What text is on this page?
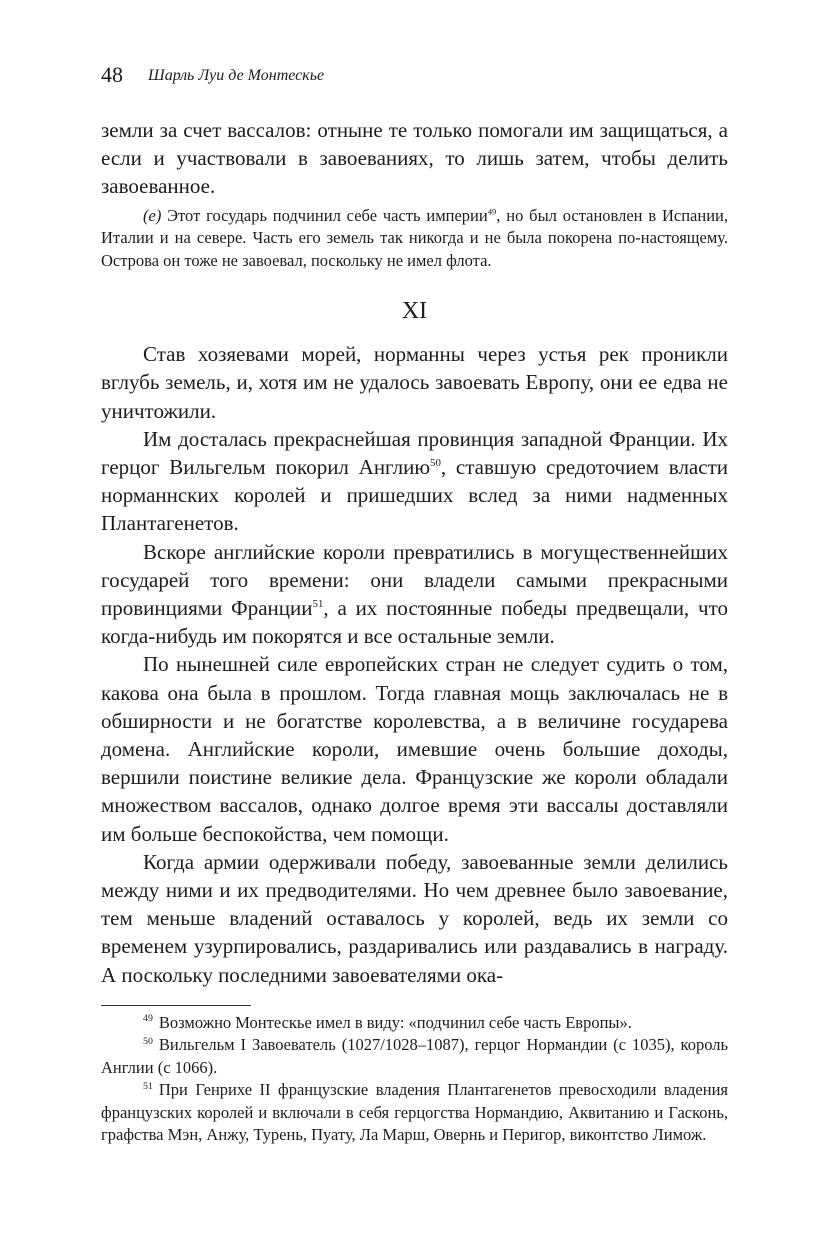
48 Шарль Луи де Монтескье

земли за счет вассалов: отныне те только помогали им защищаться, а если и участвовали в завоеваниях, то лишь затем, чтобы делить завоеванное.

(e) Этот государь подчинил себе часть империи$^{49}$, но был остановлен в Испании, Италии и на севере. Часть его земель так никогда и не была покорена по-настоящему. Острова он тоже не завоевал, поскольку не имел флота.

XI

Став хозяевами морей, норманны через устья рек проникли вглубь земель, и, хотя им не удалось завоевать Европу, они ее едва не уничтожили.

Им досталась прекраснейшая провинция западной Франции. Их герцог Вильгельм покорил Англию$^{50}$, ставшую средоточием власти норманнских королей и пришедших вслед за ними надменных Плантагенетов.

Вскоре английские короли превратились в могущественнейших государей того времени: они владели самыми прекрасными провинциями Франции$^{51}$, а их постоянные победы предвещали, что когда-нибудь им покорятся и все остальные земли.

По нынешней силе европейских стран не следует судить о том, какова она была в прошлом. Тогда главная мощь заключалась не в обширности и не богатстве королевства, а в величине государева домена. Английские короли, имевшие очень большие доходы, вершили поистине великие дела. Французские же короли обладали множеством вассалов, однако долгое время эти вассалы доставляли им больше беспокойства, чем помощи.

Когда армии одерживали победу, завоеванные земли делились между ними и их предводителями. Но чем древнее было завоевание, тем меньше владений оставалось у королей, ведь их земли со временем узурпировались, раздаривались или раздавались в награду. А поскольку последними завоевателями ока-

$^{49}$ Возможно Монтескье имел в виду: «подчинил себе часть Европы».

$^{50}$ Вильгельм I Завоеватель (1027/1028–1087), герцог Нормандии (с 1035), король Англии (с 1066).

$^{51}$ При Генрихе II французские владения Плантагенетов превосходили владения французских королей и включали в себя герцогства Нормандию, Аквитанию и Гасконь, графства Мэн, Анжу, Турень, Пуату, Ла Марш, Овернь и Перигор, виконтство Лимож.
